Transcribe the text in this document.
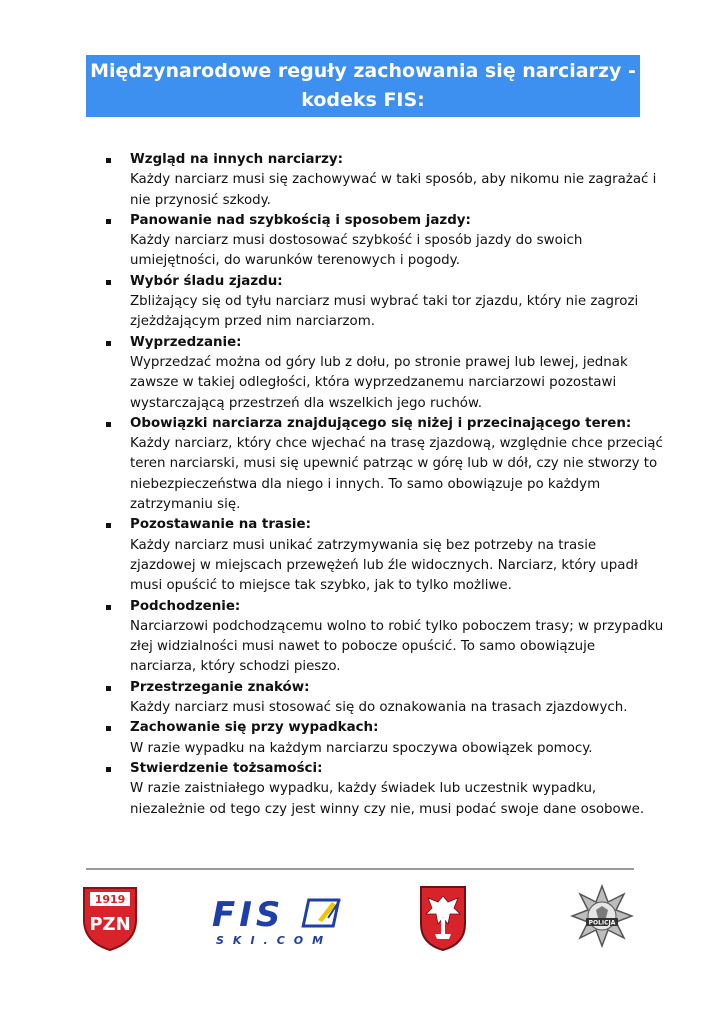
Międzynarodowe reguły zachowania się narciarzy - kodeks FIS:
Wzgląd na innych narciarzy:
Każdy narciarz musi się zachowywać w taki sposób, aby nikomu nie zagrażać i nie przynosić szkody.
Panowanie nad szybkością i sposobem jazdy:
Każdy narciarz musi dostosować szybkość i sposób jazdy do swoich umiejętności, do warunków terenowych i pogody.
Wybór śladu zjazdu:
Zbliżający się od tyłu narciarz musi wybrać taki tor zjazdu, który nie zagrozi zjeżdżającym przed nim narciarzom.
Wyprzedzanie:
Wyprzedzać można od góry lub z dołu, po stronie prawej lub lewej, jednak zawsze w takiej odległości, która wyprzedzanemu narciarzowi pozostawi wystarczającą przestrzeń dla wszelkich jego ruchów.
Obowiązki narciarza znajdującego się niżej i przecinającego teren:
Każdy narciarz, który chce wjechać na trasę zjazdową, względnie chce przeciąć teren narciarski, musi się upewnić patrząc w górę lub w dół, czy nie stworzy to niebezpieczeństwa dla niego i innych. To samo obowiązuje po każdym zatrzymaniu się.
Pozostawanie na trasie:
Każdy narciarz musi unikać zatrzymywania się bez potrzeby na trasie zjazdowej w miejscach przewężeń lub źle widocznych. Narciarz, który upadł musi opuścić to miejsce tak szybko, jak to tylko możliwe.
Podchodzenie:
Narciarzowi podchodzącemu wolno to robić tylko poboczem trasy; w przypadku złej widzialności musi nawet to pobocze opuścić. To samo obowiązuje narciarza, który schodzi pieszo.
Przestrzeganie znaków:
Każdy narciarz musi stosować się do oznakowania na trasach zjazdowych.
Zachowanie się przy wypadkach:
W razie wypadku na każdym narciarzu spoczywa obowiązek pomocy.
Stwierdzenie tożsamości:
W razie zaistniałego wypadku, każdy świadek lub uczestnik wypadku, niezależnie od tego czy jest winny czy nie, musi podać swoje dane osobowe.
1919
PZN FIS
SKI.COM
POLICJA
